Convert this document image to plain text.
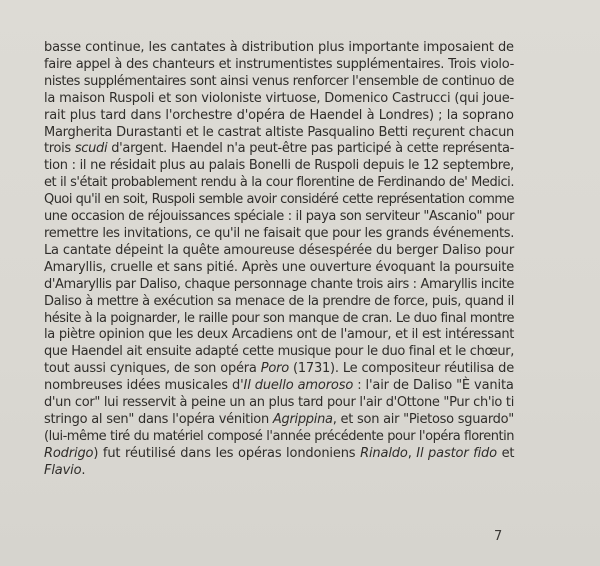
basse continue, les cantates à distribution plus importante imposaient de
faire appel à des chanteurs et instrumentistes supplémentaires. Trois violo-
nistes supplémentaires sont ainsi venus renforcer l'ensemble de continuo de
la maison Ruspoli et son violoniste virtuose, Domenico Castrucci (qui joue-
rait plus tard dans l'orchestre d'opéra de Haendel à Londres) ; la soprano
Margherita Durastanti et le castrat altiste Pasqualino Betti reçurent chacun
trois scudi d'argent. Haendel n'a peut-être pas participé à cette représenta-
tion : il ne résidait plus au palais Bonelli de Ruspoli depuis le 12 septembre,
et il s'était probablement rendu à la cour florentine de Ferdinando de' Medici.
Quoi qu'il en soit, Ruspoli semble avoir considéré cette représentation comme
une occasion de réjouissances spéciale : il paya son serviteur "Ascanio" pour
remettre les invitations, ce qu'il ne faisait que pour les grands événements.
La cantate dépeint la quête amoureuse désespérée du berger Daliso pour
Amaryllis, cruelle et sans pitié. Après une ouverture évoquant la poursuite
d'Amaryllis par Daliso, chaque personnage chante trois airs : Amaryllis incite
Daliso à mettre à exécution sa menace de la prendre de force, puis, quand il
hésite à la poignarder, le raille pour son manque de cran. Le duo final montre
la piètre opinion que les deux Arcadiens ont de l'amour, et il est intéressant
que Haendel ait ensuite adapté cette musique pour le duo final et le chœur,
tout aussi cyniques, de son opéra Poro (1731). Le compositeur réutilisa de
nombreuses idées musicales d'Il duello amoroso : l'air de Daliso "È vanita
d'un cor" lui resservit à peine un an plus tard pour l'air d'Ottone "Pur ch'io ti
stringo al sen" dans l'opéra vénition Agrippina, et son air "Pietoso sguardo"
(lui-même tiré du matériel composé l'année précédente pour l'opéra florentin
Rodrigo) fut réutilisé dans les opéras londoniens Rinaldo, Il pastor fido et
Flavio.
7
